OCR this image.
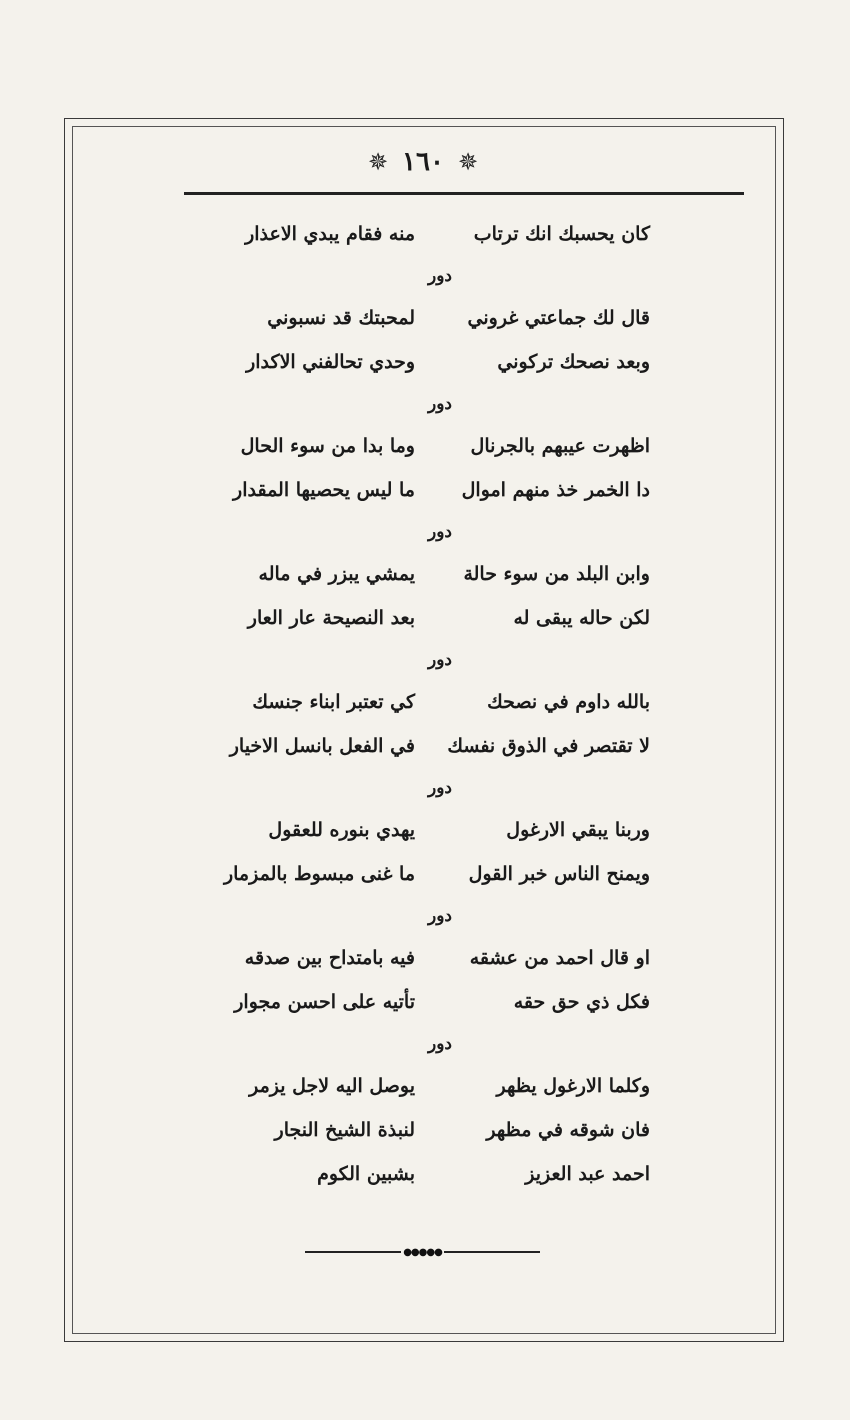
✵ ١٦٠ ✵
كان يحسبك انك ترتاب
منه فقام يبدي الاعذار
دور
قال لك جماعتي غروني
لمحبتك قد نسبوني
وبعد نصحك تركوني
وحدي تحالفني الاكدار
دور
اظهرت عيبهم بالجرنال
وما بدا من سوء الحال
دا الخمر خذ منهم اموال
ما ليس يحصيها المقدار
دور
وابن البلد من سوء حالة
يمشي يبزر في ماله
لكن حاله يبقى له
بعد النصيحة عار العار
دور
بالله داوم في نصحك
كي تعتبر ابناء جنسك
لا تقتصر في الذوق نفسك
في الفعل بانسل الاخيار
دور
وربنا يبقي الارغول
يهدي بنوره للعقول
ويمنح الناس خبر القول
ما غنى مبسوط بالمزمار
دور
او قال احمد من عشقه
فيه بامتداح بين صدقه
فكل ذي حق حقه
تأتيه على احسن مجوار
دور
وكلما الارغول يظهر
يوصل اليه لاجل يزمر
فان شوقه في مظهر
لنبذة الشيخ النجار
احمد عبد العزيز
بشبين الكوم
●●●●●
